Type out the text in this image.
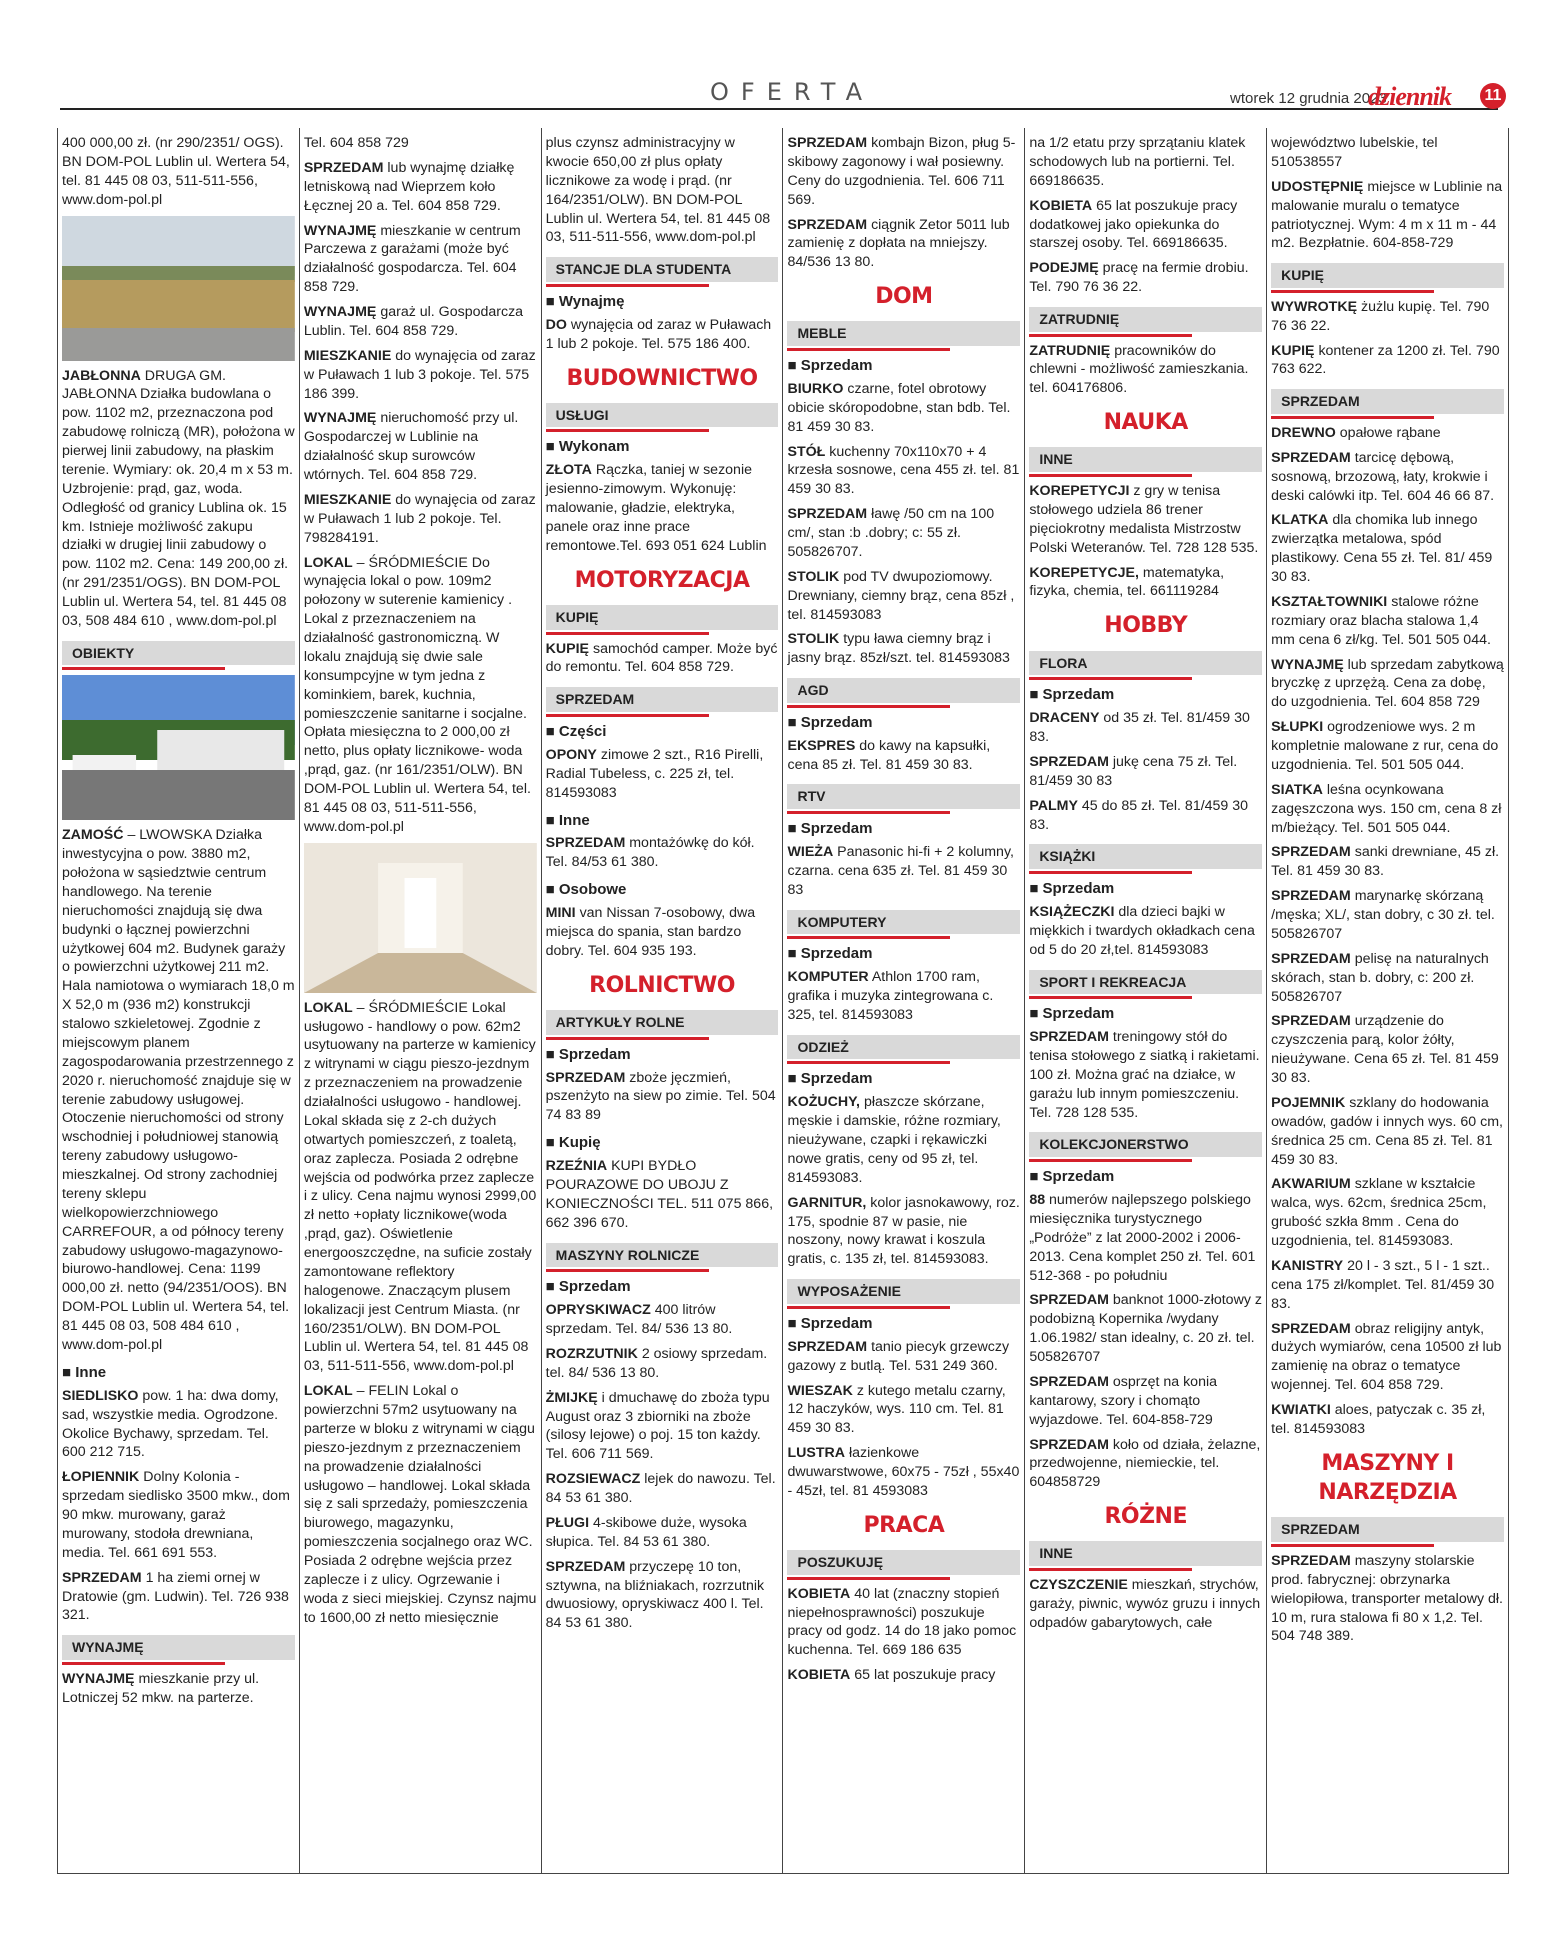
OFERTA	wtorek 12 grudnia 2023
dziennik 11

400 000,00 zł. (nr 290/2351/ OGS). BN DOM-POL Lublin ul. Wertera 54, tel. 81 445 08 03, 511-511-556, www.dom-pol.pl

JABŁONNA DRUGA GM. JABŁONNA Działka budowlana o pow. 1102 m2, przeznaczona pod zabudowę rolniczą (MR), położona w pierwej linii zabudowy, na płaskim terenie. Wymiary: ok. 20,4 m x 53 m. Uzbrojenie: prąd, gaz, woda. Odległość od granicy Lublina ok. 15 km. Istnieje możliwość zakupu działki w drugiej linii zabudowy o pow. 1102 m2. Cena: 149 200,00 zł. (nr 291/2351/OGS). BN DOM-POL Lublin ul. Wertera 54, tel. 81 445 08 03, 508 484 610 , www.dom-pol.pl

OBIEKTY

ZAMOŚĆ – LWOWSKA Działka inwestycyjna o pow. 3880 m2, położona w sąsiedztwie centrum handlowego. Na terenie nieruchomości znajdują się dwa budynki o łącznej powierzchni użytkowej 604 m2. Budynek garaży o powierzchni użytkowej 211 m2. Hala namiotowa o wymiarach 18,0 m X 52,0 m (936 m2) konstrukcji stalowo szkieletowej. Zgodnie z miejscowym planem zagospodarowania przestrzennego z 2020 r. nieruchomość znajduje się w terenie zabudowy usługowej. Otoczenie nieruchomości od strony wschodniej i południowej stanowią tereny zabudowy usługowo-mieszkalnej. Od strony zachodniej tereny sklepu wielkopowierzchniowego CARREFOUR, a od północy tereny zabudowy usługowo-magazynowo-biurowo-handlowej. Cena: 1199 000,00 zł. netto (94/2351/OOS). BN DOM-POL Lublin ul. Wertera 54, tel. 81 445 08 03, 508 484 610 , www.dom-pol.pl

■ Inne

SIEDLISKO pow. 1 ha: dwa domy, sad, wszystkie media. Ogrodzone. Okolice Bychawy, sprzedam. Tel. 600 212 715.

ŁOPIENNIK Dolny Kolonia - sprzedam siedlisko 3500 mkw., dom 90 mkw. murowany, garaż murowany, stodoła drewniana, media. Tel. 661 691 553.

SPRZEDAM 1 ha ziemi ornej w Dratowie (gm. Ludwin). Tel. 726 938 321.

WYNAJMĘ

WYNAJMĘ mieszkanie przy ul. Lotniczej 52 mkw. na parterze.

Tel. 604 858 729

SPRZEDAM lub wynajmę działkę letniskową nad Wieprzem koło Łęcznej 20 a. Tel. 604 858 729.

WYNAJMĘ mieszkanie w centrum Parczewa z garażami (może być działalność gospodarcza. Tel. 604 858 729.

WYNAJMĘ garaż ul. Gospodarcza Lublin. Tel. 604 858 729.

MIESZKANIE do wynajęcia od zaraz w Puławach 1 lub 3 pokoje. Tel. 575 186 399.

WYNAJMĘ nieruchomość przy ul. Gospodarczej w Lublinie na działalność skup surowców wtórnych. Tel. 604 858 729.

MIESZKANIE do wynajęcia od zaraz w Puławach 1 lub 2 pokoje. Tel. 798284191.

LOKAL – ŚRÓDMIEŚCIE Do wynajęcia lokal o pow. 109m2 połozony w suterenie kamienicy . Lokal z przeznaczeniem na działalność gastronomiczną. W lokalu znajdują się dwie sale konsumpcyjne w tym jedna z kominkiem, barek, kuchnia, pomieszczenie sanitarne i socjalne. Opłata miesięczna to 2 000,00 zł netto, plus opłaty licznikowe- woda ,prąd, gaz. (nr 161/2351/OLW). BN DOM-POL Lublin ul. Wertera 54, tel. 81 445 08 03, 511-511-556, www.dom-pol.pl

LOKAL – ŚRÓDMIEŚCIE Lokal usługowo - handlowy o pow. 62m2 usytuowany na parterze w kamienicy z witrynami w ciągu pieszo-jezdnym z przeznaczeniem na prowadzenie działalności usługowo - handlowej. Lokal składa się z 2-ch dużych otwartych pomieszczeń, z toaletą, oraz zaplecza. Posiada 2 odrębne wejścia od podwórka przez zaplecze i z ulicy. Cena najmu wynosi 2999,00 zł netto +opłaty licznikowe(woda ,prąd, gaz). Oświetlenie energooszczędne, na suficie zostały zamontowane reflektory halogenowe. Znaczącym plusem lokalizacji jest Centrum Miasta. (nr 160/2351/OLW). BN DOM-POL Lublin ul. Wertera 54, tel. 81 445 08 03, 511-511-556, www.dom-pol.pl

LOKAL – FELIN Lokal o powierzchni 57m2 usytuowany na parterze w bloku z witrynami w ciągu pieszo-jezdnym z przeznaczeniem na prowadzenie działalności usługowo – handlowej. Lokal składa się z sali sprzedaży, pomieszczenia biurowego, magazynku, pomieszczenia socjalnego oraz WC. Posiada 2 odrębne wejścia przez zaplecze i z ulicy. Ogrzewanie i woda z sieci miejskiej. Czynsz najmu to 1600,00 zł netto miesięcznie

plus czynsz administracyjny w kwocie 650,00 zł plus opłaty licznikowe za wodę i prąd. (nr 164/2351/OLW). BN DOM-POL Lublin ul. Wertera 54, tel. 81 445 08 03, 511-511-556, www.dom-pol.pl

STANCJE DLA STUDENTA
■ Wynajmę

DO wynajęcia od zaraz w Puławach 1 lub 2 pokoje. Tel. 575 186 400.

BUDOWNICTWO
USŁUGI
■ Wykonam

ZŁOTA Rączka, taniej w sezonie jesienno-zimowym. Wykonuję: malowanie, gładzie, elektryka, panele oraz inne prace remontowe.Tel. 693 051 624 Lublin

MOTORYZACJA
KUPIĘ

KUPIĘ samochód camper. Może być do remontu. Tel. 604 858 729.

SPRZEDAM
■ Części

OPONY zimowe 2 szt., R16 Pirelli, Radial Tubeless, c. 225 zł, tel. 814593083

■ Inne

SPRZEDAM montażówkę do kół. Tel. 84/53 61 380.

■ Osobowe

MINI van Nissan 7-osobowy, dwa miejsca do spania, stan bardzo dobry. Tel. 604 935 193.

ROLNICTWO
ARTYKUŁY ROLNE
■ Sprzedam

SPRZEDAM zboże jęczmień, pszenżyto na siew po zimie. Tel. 504 74 83 89

■ Kupię

RZEŹNIA KUPI BYDŁO POURAZOWE DO UBOJU Z KONIECZNOŚCI TEL. 511 075 866, 662 396 670.

MASZYNY ROLNICZE
■ Sprzedam

OPRYSKIWACZ 400 litrów sprzedam. Tel. 84/ 536 13 80.

ROZRZUTNIK 2 osiowy sprzedam. tel. 84/ 536 13 80.

ŻMIJKĘ i dmuchawę do zboża typu August oraz 3 zbiorniki na zboże (silosy lejowe) o poj. 15 ton każdy. Tel. 606 711 569.

ROZSIEWACZ lejek do nawozu. Tel. 84 53 61 380.

PŁUGI 4-skibowe duże, wysoka słupica. Tel. 84 53 61 380.

SPRZEDAM przyczepę 10 ton, sztywna, na bliźniakach, rozrzutnik dwuosiowy, opryskiwacz 400 l. Tel. 84 53 61 380.

SPRZEDAM kombajn Bizon, pług 5-skibowy zagonowy i wał posiewny. Ceny do uzgodnienia. Tel. 606 711 569.

SPRZEDAM ciągnik Zetor 5011 lub zamienię z dopłata na mniejszy. 84/536 13 80.

DOM
MEBLE
■ Sprzedam

BIURKO czarne, fotel obrotowy obicie skóropodobne, stan bdb. Tel. 81 459 30 83.

STÓŁ kuchenny 70x110x70 + 4 krzesła sosnowe, cena 455 zł. tel. 81 459 30 83.

SPRZEDAM ławę /50 cm na 100 cm/, stan :b .dobry; c: 55 zł. 505826707.

STOLIK pod TV dwupoziomowy. Drewniany, ciemny brąz, cena 85zł , tel. 814593083

STOLIK typu ława ciemny brąz i jasny brąz. 85zł/szt. tel. 814593083

AGD
■ Sprzedam

EKSPRES do kawy na kapsułki, cena 85 zł. Tel. 81 459 30 83.

RTV
■ Sprzedam

WIEŻA Panasonic hi-fi + 2 kolumny, czarna. cena 635 zł. Tel. 81 459 30 83

KOMPUTERY
■ Sprzedam

KOMPUTER Athlon 1700 ram, grafika i muzyka zintegrowana c. 325, tel. 814593083

ODZIEŻ
■ Sprzedam

KOŻUCHY, płaszcze skórzane, męskie i damskie, różne rozmiary, nieużywane, czapki i rękawiczki nowe gratis, ceny od 95 zł, tel. 814593083.

GARNITUR, kolor jasnokawowy, roz. 175, spodnie 87 w pasie, nie noszony, nowy krawat i koszula gratis, c. 135 zł, tel. 814593083.

WYPOSAŻENIE
■ Sprzedam

SPRZEDAM tanio piecyk grzewczy gazowy z butlą. Tel. 531 249 360.

WIESZAK z kutego metalu czarny, 12 haczyków, wys. 110 cm. Tel. 81 459 30 83.

LUSTRA łazienkowe dwuwarstwowe, 60x75 - 75zł , 55x40 - 45zł, tel. 81 4593083

PRACA
POSZUKUJĘ

KOBIETA 40 lat (znaczny stopień niepełnosprawności) poszukuje pracy od godz. 14 do 18 jako pomoc kuchenna. Tel. 669 186 635

KOBIETA 65 lat poszukuje pracy

na 1/2 etatu przy sprzątaniu klatek schodowych lub na portierni. Tel. 669186635.

KOBIETA 65 lat poszukuje pracy dodatkowej jako opiekunka do starszej osoby. Tel. 669186635.

PODEJMĘ pracę na fermie drobiu. Tel. 790 76 36 22.

ZATRUDNIĘ

ZATRUDNIĘ pracowników do chlewni - możliwość zamieszkania. tel. 604176806.

NAUKA
INNE

KOREPETYCJI z gry w tenisa stołowego udziela 86 trener pięciokrotny medalista Mistrzostw Polski Weteranów. Tel. 728 128 535.

KOREPETYCJE, matematyka, fizyka, chemia, tel. 661119284

HOBBY
FLORA
■ Sprzedam

DRACENY od 35 zł. Tel. 81/459 30 83.

SPRZEDAM jukę cena 75 zł. Tel. 81/459 30 83

PALMY 45 do 85 zł. Tel. 81/459 30 83.

KSIĄŻKI
■ Sprzedam

KSIĄŻECZKI dla dzieci bajki w miękkich i twardych okładkach cena od 5 do 20 zł,tel. 814593083

SPORT I REKREACJA
■ Sprzedam

SPRZEDAM treningowy stół do tenisa stołowego z siatką i rakietami. 100 zł. Można grać na działce, w garażu lub innym pomieszczeniu. Tel. 728 128 535.

KOLEKCJONERSTWO
■ Sprzedam

88 numerów najlepszego polskiego miesięcznika turystycznego „Podróże” z lat 2000-2002 i 2006-2013. Cena komplet 250 zł. Tel. 601 512-368 - po południu

SPRZEDAM banknot 1000-złotowy z podobizną Kopernika /wydany 1.06.1982/ stan idealny, c. 20 zł. tel. 505826707

SPRZEDAM osprzęt na konia kantarowy, szory i chomąto wyjazdowe. Tel. 604-858-729

SPRZEDAM koło od działa, żelazne, przedwojenne, niemieckie, tel. 604858729

RÓŻNE
INNE

CZYSZCZENIE mieszkań, strychów, garaży, piwnic, wywóz gruzu i innych odpadów gabarytowych, całe

województwo lubelskie, tel 510538557

UDOSTĘPNIĘ miejsce w Lublinie na malowanie muralu o tematyce patriotycznej. Wym: 4 m x 11 m - 44 m2. Bezpłatnie. 604-858-729

KUPIĘ

WYWROTKĘ żużlu kupię. Tel. 790 76 36 22.

KUPIĘ kontener za 1200 zł. Tel. 790 763 622.

SPRZEDAM

DREWNO opałowe rąbane

SPRZEDAM tarcicę dębową, sosnową, brzozową, łaty, krokwie i deski calówki itp. Tel. 604 46 66 87.

KLATKA dla chomika lub innego zwierzątka metalowa, spód plastikowy. Cena 55 zł. Tel. 81/ 459 30 83.

KSZTAŁTOWNIKI stalowe różne rozmiary oraz blacha stalowa 1,4 mm cena 6 zł/kg. Tel. 501 505 044.

WYNAJMĘ lub sprzedam zabytkową bryczkę z uprzężą. Cena za dobę, do uzgodnienia. Tel. 604 858 729

SŁUPKI ogrodzeniowe wys. 2 m kompletnie malowane z rur, cena do uzgodnienia. Tel. 501 505 044.

SIATKA leśna ocynkowana zagęszczona wys. 150 cm, cena 8 zł m/bieżący. Tel. 501 505 044.

SPRZEDAM sanki drewniane, 45 zł. Tel. 81 459 30 83.

SPRZEDAM marynarkę skórzaną /męska; XL/, stan dobry, c 30 zł. tel. 505826707

SPRZEDAM pelisę na naturalnych skórach, stan b. dobry, c: 200 zł. 505826707

SPRZEDAM urządzenie do czyszczenia parą, kolor żółty, nieużywane. Cena 65 zł. Tel. 81 459 30 83.

POJEMNIK szklany do hodowania owadów, gadów i innych wys. 60 cm, średnica 25 cm. Cena 85 zł. Tel. 81 459 30 83.

AKWARIUM szklane w kształcie walca, wys. 62cm, średnica 25cm, grubość szkła 8mm . Cena do uzgodnienia, tel. 814593083.

KANISTRY 20 l - 3 szt., 5 l - 1 szt.. cena 175 zł/komplet. Tel. 81/459 30 83.

SPRZEDAM obraz religijny antyk, dużych wymiarów, cena 10500 zł lub zamienię na obraz o tematyce wojennej. Tel. 604 858 729.

KWIATKI aloes, patyczak c. 35 zł, tel. 814593083

MASZYNY I NARZĘDZIA
SPRZEDAM

SPRZEDAM maszyny stolarskie prod. fabrycznej: obrzynarka wielopiłowa, transporter metalowy dł. 10 m, rura stalowa fi 80 x 1,2. Tel. 504 748 389.
